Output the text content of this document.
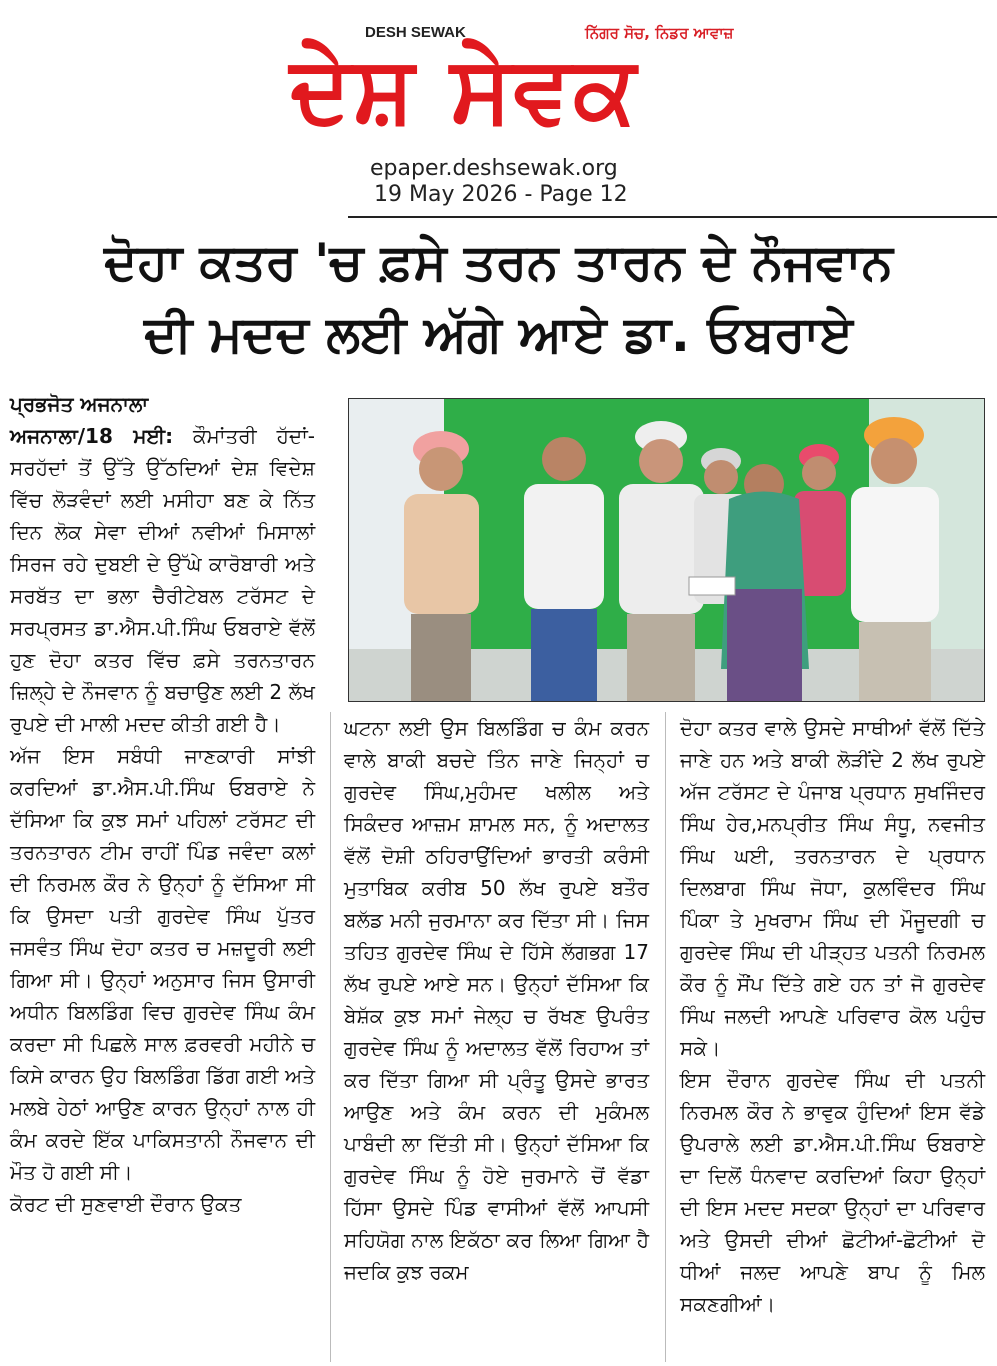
DESH SEWAK	ਨਿੱਗਰ ਸੋਚ, ਨਿਡਰ ਆਵਾਜ਼
ਦੇਸ਼ ਸੇਵਕ
epaper.deshsewak.org
19 May 2026 - Page 12
ਦੋਹਾ ਕਤਰ 'ਚ ਫ਼ਸੇ ਤਰਨ ਤਾਰਨ ਦੇ ਨੌਜਵਾਨ
ਦੀ ਮਦਦ ਲਈ ਅੱਗੇ ਆਏ ਡਾ. ਓਬਰਾਏ

ਪ੍ਰਭਜੋਤ ਅਜਨਾਲਾ

ਅਜਨਾਲਾ/18 ਮਈ: ਕੌਮਾਂਤਰੀ ਹੱਦਾਂ-ਸਰਹੱਦਾਂ ਤੋਂ ਉੱਤੇ ਉੱਠਦਿਆਂ ਦੇਸ਼ ਵਿਦੇਸ਼ ਵਿੱਚ ਲੋੜਵੰਦਾਂ ਲਈ ਮਸੀਹਾ ਬਣ ਕੇ ਨਿੱਤ ਦਿਨ ਲੋਕ ਸੇਵਾ ਦੀਆਂ ਨਵੀਆਂ ਮਿਸਾਲਾਂ ਸਿਰਜ ਰਹੇ ਦੁਬਈ ਦੇ ਉੱਘੇ ਕਾਰੋਬਾਰੀ ਅਤੇ ਸਰਬੱਤ ਦਾ ਭਲਾ ਚੈਰੀਟੇਬਲ ਟਰੱਸਟ ਦੇ ਸਰਪ੍ਰਸਤ ਡਾ.ਐਸ.ਪੀ.ਸਿੰਘ ਓਬਰਾਏ ਵੱਲੋਂ ਹੁਣ ਦੋਹਾ ਕਤਰ ਵਿੱਚ ਫ਼ਸੇ ਤਰਨਤਾਰਨ ਜ਼ਿਲ੍ਹੇ ਦੇ ਨੌਜਵਾਨ ਨੂੰ ਬਚਾਉਣ ਲਈ 2 ਲੱਖ ਰੁਪਏ ਦੀ ਮਾਲੀ ਮਦਦ ਕੀਤੀ ਗਈ ਹੈ।

ਅੱਜ ਇਸ ਸਬੰਧੀ ਜਾਣਕਾਰੀ ਸਾਂਝੀ ਕਰਦਿਆਂ ਡਾ.ਐਸ.ਪੀ.ਸਿੰਘ ਓਬਰਾਏ ਨੇ ਦੱਸਿਆ ਕਿ ਕੁਝ ਸਮਾਂ ਪਹਿਲਾਂ ਟਰੱਸਟ ਦੀ ਤਰਨਤਾਰਨ ਟੀਮ ਰਾਹੀਂ ਪਿੰਡ ਜਵੰਦਾ ਕਲਾਂ ਦੀ ਨਿਰਮਲ ਕੌਰ ਨੇ ਉਨ੍ਹਾਂ ਨੂੰ ਦੱਸਿਆ ਸੀ ਕਿ ਉਸਦਾ ਪਤੀ ਗੁਰਦੇਵ ਸਿੰਘ ਪੁੱਤਰ ਜਸਵੰਤ ਸਿੰਘ ਦੋਹਾ ਕਤਰ ਚ ਮਜ਼ਦੂਰੀ ਲਈ ਗਿਆ ਸੀ। ਉਨ੍ਹਾਂ ਅਨੁਸਾਰ ਜਿਸ ਉਸਾਰੀ ਅਧੀਨ ਬਿਲਡਿੰਗ ਵਿਚ ਗੁਰਦੇਵ ਸਿੰਘ ਕੰਮ ਕਰਦਾ ਸੀ ਪਿਛਲੇ ਸਾਲ ਫ਼ਰਵਰੀ ਮਹੀਨੇ ਚ ਕਿਸੇ ਕਾਰਨ ਉਹ ਬਿਲਡਿੰਗ ਡਿੱਗ ਗਈ ਅਤੇ ਮਲਬੇ ਹੇਠਾਂ ਆਉਣ ਕਾਰਨ ਉਨ੍ਹਾਂ ਨਾਲ ਹੀ ਕੰਮ ਕਰਦੇ ਇੱਕ ਪਾਕਿਸਤਾਨੀ ਨੌਜਵਾਨ ਦੀ ਮੌਤ ਹੋ ਗਈ ਸੀ।

ਕੋਰਟ ਦੀ ਸੁਣਵਾਈ ਦੌਰਾਨ ਉਕਤ

ਘਟਨਾ ਲਈ ਉਸ ਬਿਲਡਿੰਗ ਚ ਕੰਮ ਕਰਨ ਵਾਲੇ ਬਾਕੀ ਬਚਦੇ ਤਿੰਨ ਜਾਣੇ ਜਿਨ੍ਹਾਂ ਚ ਗੁਰਦੇਵ ਸਿੰਘ,ਮੁਹੰਮਦ ਖਲੀਲ ਅਤੇ ਸਿਕੰਦਰ ਆਜ਼ਮ ਸ਼ਾਮਲ ਸਨ, ਨੂੰ ਅਦਾਲਤ ਵੱਲੋਂ ਦੋਸ਼ੀ ਠਹਿਰਾਉਂਦਿਆਂ ਭਾਰਤੀ ਕਰੰਸੀ ਮੁਤਾਬਿਕ ਕਰੀਬ 50 ਲੱਖ ਰੁਪਏ ਬਤੌਰ ਬਲੱਡ ਮਨੀ ਜੁਰਮਾਨਾ ਕਰ ਦਿੱਤਾ ਸੀ। ਜਿਸ ਤਹਿਤ ਗੁਰਦੇਵ ਸਿੰਘ ਦੇ ਹਿੱਸੇ ਲੱਗਭਗ 17 ਲੱਖ ਰੁਪਏ ਆਏ ਸਨ। ਉਨ੍ਹਾਂ ਦੱਸਿਆ ਕਿ ਬੇਸ਼ੱਕ ਕੁਝ ਸਮਾਂ ਜੇਲ੍ਹ ਚ ਰੱਖਣ ਉਪਰੰਤ ਗੁਰਦੇਵ ਸਿੰਘ ਨੂੰ ਅਦਾਲਤ ਵੱਲੋਂ ਰਿਹਾਅ ਤਾਂ ਕਰ ਦਿੱਤਾ ਗਿਆ ਸੀ ਪ੍ਰੰਤੂ ਉਸਦੇ ਭਾਰਤ ਆਉਣ ਅਤੇ ਕੰਮ ਕਰਨ ਦੀ ਮੁਕੰਮਲ ਪਾਬੰਦੀ ਲਾ ਦਿੱਤੀ ਸੀ। ਉਨ੍ਹਾਂ ਦੱਸਿਆ ਕਿ ਗੁਰਦੇਵ ਸਿੰਘ ਨੂੰ ਹੋਏ ਜੁਰਮਾਨੇ ਚੋਂ ਵੱਡਾ ਹਿੱਸਾ ਉਸਦੇ ਪਿੰਡ ਵਾਸੀਆਂ ਵੱਲੋਂ ਆਪਸੀ ਸਹਿਯੋਗ ਨਾਲ ਇਕੱਠਾ ਕਰ ਲਿਆ ਗਿਆ ਹੈ ਜਦਕਿ ਕੁਝ ਰਕਮ

ਦੋਹਾ ਕਤਰ ਵਾਲੇ ਉਸਦੇ ਸਾਥੀਆਂ ਵੱਲੋਂ ਦਿੱਤੇ ਜਾਣੇ ਹਨ ਅਤੇ ਬਾਕੀ ਲੋੜੀਂਦੇ 2 ਲੱਖ ਰੁਪਏ ਅੱਜ ਟਰੱਸਟ ਦੇ ਪੰਜਾਬ ਪ੍ਰਧਾਨ ਸੁਖਜਿੰਦਰ ਸਿੰਘ ਹੇਰ,ਮਨਪ੍ਰੀਤ ਸਿੰਘ ਸੰਧੂ, ਨਵਜੀਤ ਸਿੰਘ ਘਈ, ਤਰਨਤਾਰਨ ਦੇ ਪ੍ਰਧਾਨ ਦਿਲਬਾਗ ਸਿੰਘ ਜੋਧਾ, ਕੁਲਵਿੰਦਰ ਸਿੰਘ ਪਿੰਕਾ ਤੇ ਮੁਖਰਾਮ ਸਿੰਘ ਦੀ ਮੌਜੂਦਗੀ ਚ ਗੁਰਦੇਵ ਸਿੰਘ ਦੀ ਪੀੜ੍ਹਤ ਪਤਨੀ ਨਿਰਮਲ ਕੌਰ ਨੂੰ ਸੌਂਪ ਦਿੱਤੇ ਗਏ ਹਨ ਤਾਂ ਜੋ ਗੁਰਦੇਵ ਸਿੰਘ ਜਲਦੀ ਆਪਣੇ ਪਰਿਵਾਰ ਕੋਲ ਪਹੁੰਚ ਸਕੇ।

ਇਸ ਦੌਰਾਨ ਗੁਰਦੇਵ ਸਿੰਘ ਦੀ ਪਤਨੀ ਨਿਰਮਲ ਕੌਰ ਨੇ ਭਾਵੁਕ ਹੁੰਦਿਆਂ ਇਸ ਵੱਡੇ ਉਪਰਾਲੇ ਲਈ ਡਾ.ਐਸ.ਪੀ.ਸਿੰਘ ਓਬਰਾਏ ਦਾ ਦਿਲੋਂ ਧੰਨਵਾਦ ਕਰਦਿਆਂ ਕਿਹਾ ਉਨ੍ਹਾਂ ਦੀ ਇਸ ਮਦਦ ਸਦਕਾ ਉਨ੍ਹਾਂ ਦਾ ਪਰਿਵਾਰ ਅਤੇ ਉਸਦੀ ਦੀਆਂ ਛੋਟੀਆਂ-ਛੋਟੀਆਂ ਦੋ ਧੀਆਂ ਜਲਦ ਆਪਣੇ ਬਾਪ ਨੂੰ ਮਿਲ ਸਕਣਗੀਆਂ।
